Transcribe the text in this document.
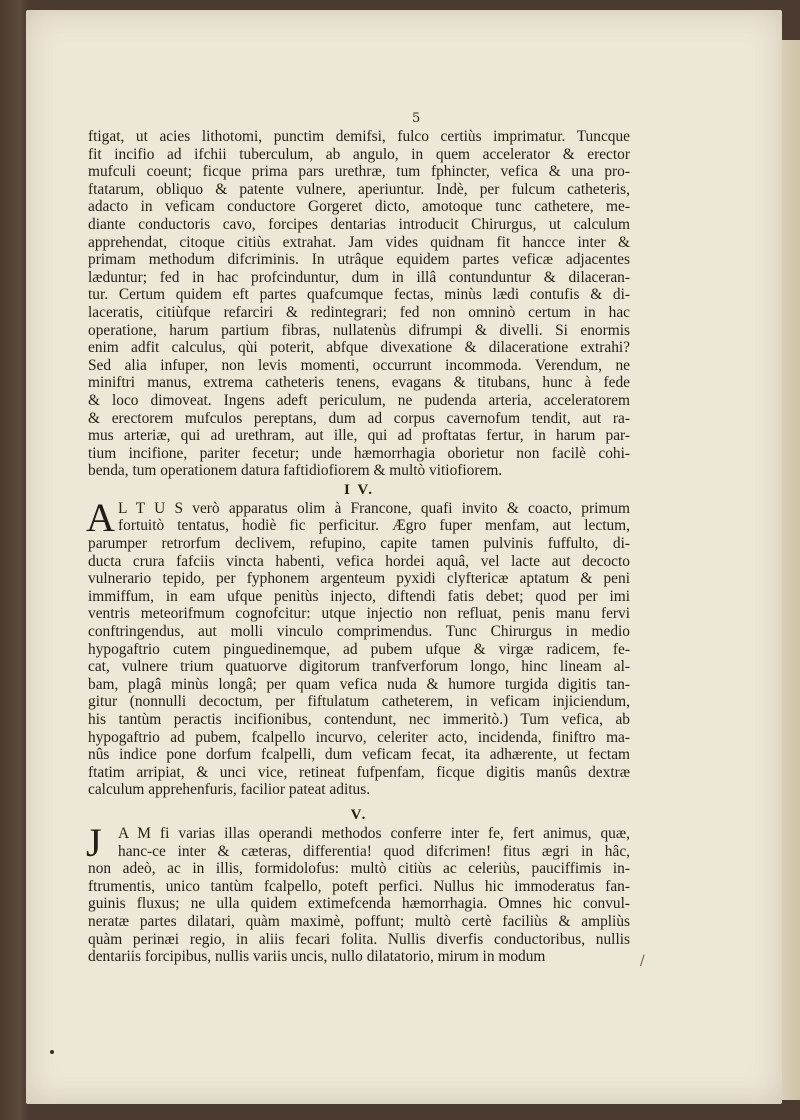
5
ftigat, ut acies lithotomi, punctim demifsi, fulco certiùs imprimatur. Tuncque
fit incifio ad ifchii tuberculum, ab angulo, in quem accelerator & erector
mufculi coeunt; ficque prima pars urethræ, tum fphincter, vefica & una pro-
ftatarum, obliquo & patente vulnere, aperiuntur. Indè, per fulcum catheteris,
adacto in veficam conductore Gorgeret dicto, amotoque tunc cathetere, me-
diante conductoris cavo, forcipes dentarias introducit Chirurgus, ut calculum
apprehendat, citoque citiùs extrahat. Jam vides quidnam fit hancce inter &
primam methodum difcriminis. In utrâque equidem partes veficæ adjacentes
læduntur; fed in hac profcinduntur, dum in illâ contunduntur & dilaceran-
tur. Certum quidem eft partes quafcumque fectas, minùs lædi contufis & di-
laceratis, citiùfque refarciri & redintegrari; fed non omninò certum in hac
operatione, harum partium fibras, nullatenùs difrumpi & divelli. Si enormis
enim adfit calculus, qùi poterit, abfque divexatione & dilaceratione extrahi?
Sed alia infuper, non levis momenti, occurrunt incommoda. Verendum, ne
miniftri manus, extrema catheteris tenens, evagans & titubans, hunc à fede
& loco dimoveat. Ingens adeft periculum, ne pudenda arteria, acceleratorem
& erectorem mufculos pereptans, dum ad corpus cavernofum tendit, aut ra-
mus arteriæ, qui ad urethram, aut ille, qui ad proftatas fertur, in harum par-
tium incifione, pariter fecetur; unde hæmorrhagia oborietur non facilè cohi-
benda, tum operationem datura faftidiofiorem & multò vitiofiorem.
I V.
A L T U S verò apparatus olim à Francone, quafi invito & coacto, primum
fortuitò tentatus, hodiè fic perficitur. Ægro fuper menfam, aut lectum,
parumper retrorfum declivem, refupino, capite tamen pulvinis fuffulto, di-
ducta crura fafciis vincta habenti, vefica hordei aquâ, vel lacte aut decocto
vulnerario tepido, per fyphonem argenteum pyxidi clyftericæ aptatum & peni
immiffum, in eam ufque penitùs injecto, diftendi fatis debet; quod per imi
ventris meteorifmum cognofcitur: utque injectio non refluat, penis manu fervi
conftringendus, aut molli vinculo comprimendus. Tunc Chirurgus in medio
hypogaftrio cutem pinguedinemque, ad pubem ufque & virgæ radicem, fe-
cat, vulnere trium quatuorve digitorum tranfverforum longo, hinc lineam al-
bam, plagâ minùs longâ; per quam vefica nuda & humore turgida digitis tan-
gitur (nonnulli decoctum, per fiftulatum catheterem, in veficam injiciendum,
his tantùm peractis incifionibus, contendunt, nec immeritò.) Tum vefica, ab
hypogaftrio ad pubem, fcalpello incurvo, celeriter acto, incidenda, finiftro ma-
nûs indice pone dorfum fcalpelli, dum veficam fecat, ita adhærente, ut fectam
ftatim arripiat, & unci vice, retineat fufpenfam, ficque digitis manûs dextræ
calculum apprehenfuris, facilior pateat aditus.
V.
J	A M fi varias illas operandi methodos conferre inter fe, fert animus, quæ,
hanc-ce inter & cæteras, differentia! quod difcrimen! fitus ægri in hâc,
non adeò, ac in illis, formidolofus: multò citiùs ac celeriùs, pauciffimis in-
ftrumentis, unico tantùm fcalpello, poteft perfici. Nullus hic immoderatus fan-
guinis fluxus; ne ulla quidem extimefcenda hæmorrhagia. Omnes hic convul-
neratæ partes dilatari, quàm maximè, poffunt; multò certè faciliùs & ampliùs
quàm perinæi regio, in aliis fecari folita. Nullis diverfis conductoribus, nullis
dentariis forcipibus, nullis variis uncis, nullo dilatatorio, mirum in modum	/
